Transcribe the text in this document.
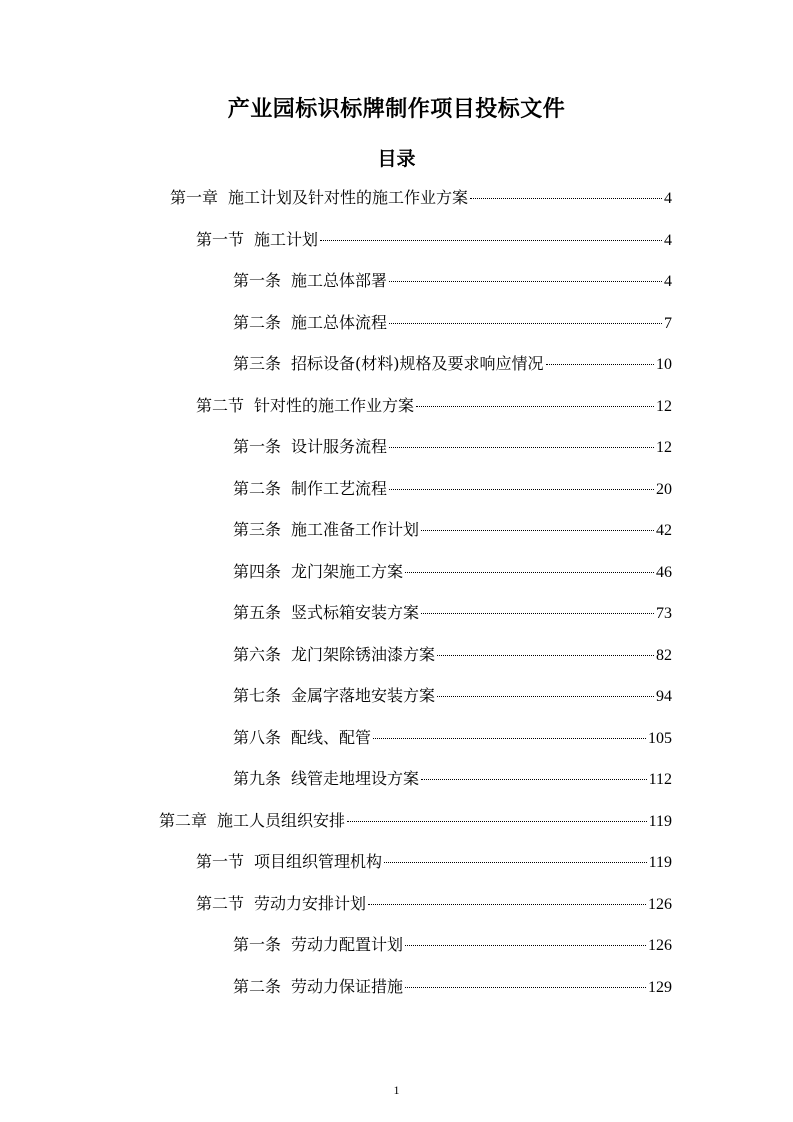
产业园标识标牌制作项目投标文件
目录
第一章 施工计划及针对性的施工作业方案	4
第一节 施工计划	4
第一条 施工总体部署	4
第二条 施工总体流程	7
第三条 招标设备(材料)规格及要求响应情况	10
第二节 针对性的施工作业方案	12
第一条 设计服务流程	12
第二条 制作工艺流程	20
第三条 施工准备工作计划	42
第四条 龙门架施工方案	46
第五条 竖式标箱安装方案	73
第六条 龙门架除锈油漆方案	82
第七条 金属字落地安装方案	94
第八条 配线、配管	105
第九条 线管走地埋设方案	112
第二章 施工人员组织安排	119
第一节 项目组织管理机构	119
第二节 劳动力安排计划	126
第一条 劳动力配置计划	126
第二条 劳动力保证措施	129
1
